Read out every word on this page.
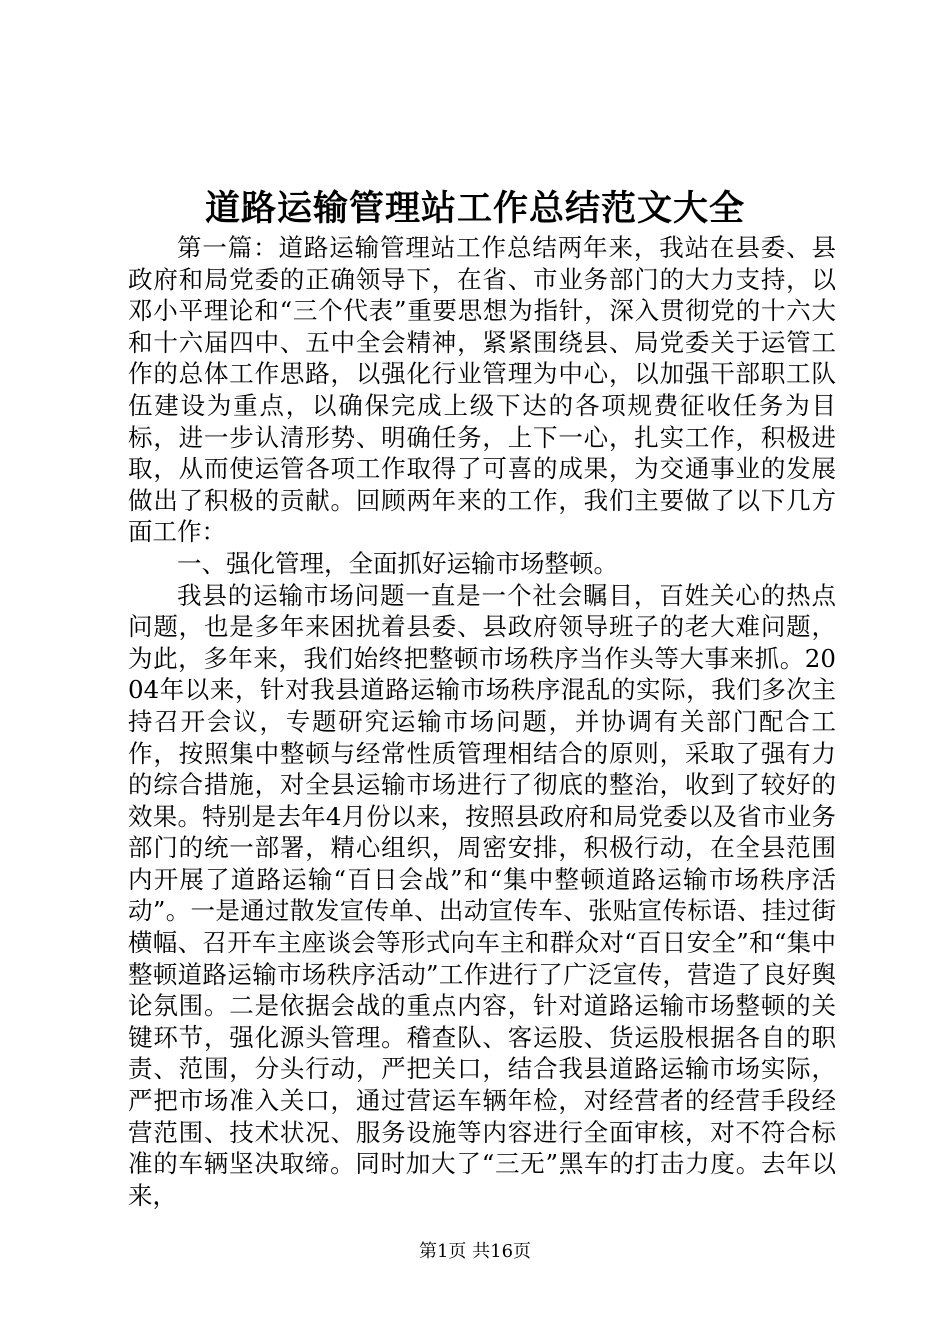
道路运输管理站工作总结范文大全

第一篇：道路运输管理站工作总结两年来，我站在县委、县政府和局党委的正确领导下，在省、市业务部门的大力支持，以邓小平理论和“三个代表”重要思想为指针，深入贯彻党的十六大和十六届四中、五中全会精神，紧紧围绕县、局党委关于运管工作的总体工作思路，以强化行业管理为中心，以加强干部职工队伍建设为重点，以确保完成上级下达的各项规费征收任务为目标，进一步认清形势、明确任务，上下一心，扎实工作，积极进取，从而使运管各项工作取得了可喜的成果，为交通事业的发展做出了积极的贡献。回顾两年来的工作，我们主要做了以下几方面工作：

一、强化管理，全面抓好运输市场整顿。

我县的运输市场问题一直是一个社会瞩目，百姓关心的热点问题，也是多年来困扰着县委、县政府领导班子的老大难问题，为此，多年来，我们始终把整顿市场秩序当作头等大事来抓。2004年以来，针对我县道路运输市场秩序混乱的实际，我们多次主持召开会议，专题研究运输市场问题，并协调有关部门配合工作，按照集中整顿与经常性质管理相结合的原则，采取了强有力的综合措施，对全县运输市场进行了彻底的整治，收到了较好的效果。特别是去年4月份以来，按照县政府和局党委以及省市业务部门的统一部署，精心组织，周密安排，积极行动，在全县范围内开展了道路运输“百日会战”和“集中整顿道路运输市场秩序活动”。一是通过散发宣传单、出动宣传车、张贴宣传标语、挂过街横幅、召开车主座谈会等形式向车主和群众对“百日安全”和“集中整顿道路运输市场秩序活动”工作进行了广泛宣传，营造了良好舆论氛围。二是依据会战的重点内容，针对道路运输市场整顿的关键环节，强化源头管理。稽查队、客运股、货运股根据各自的职责、范围，分头行动，严把关口，结合我县道路运输市场实际，严把市场准入关口，通过营运车辆年检，对经营者的经营手段经营范围、技术状况、服务设施等内容进行全面审核，对不符合标准的车辆坚决取缔。同时加大了“三无”黑车的打击力度。去年以来，

第1页 共16页
